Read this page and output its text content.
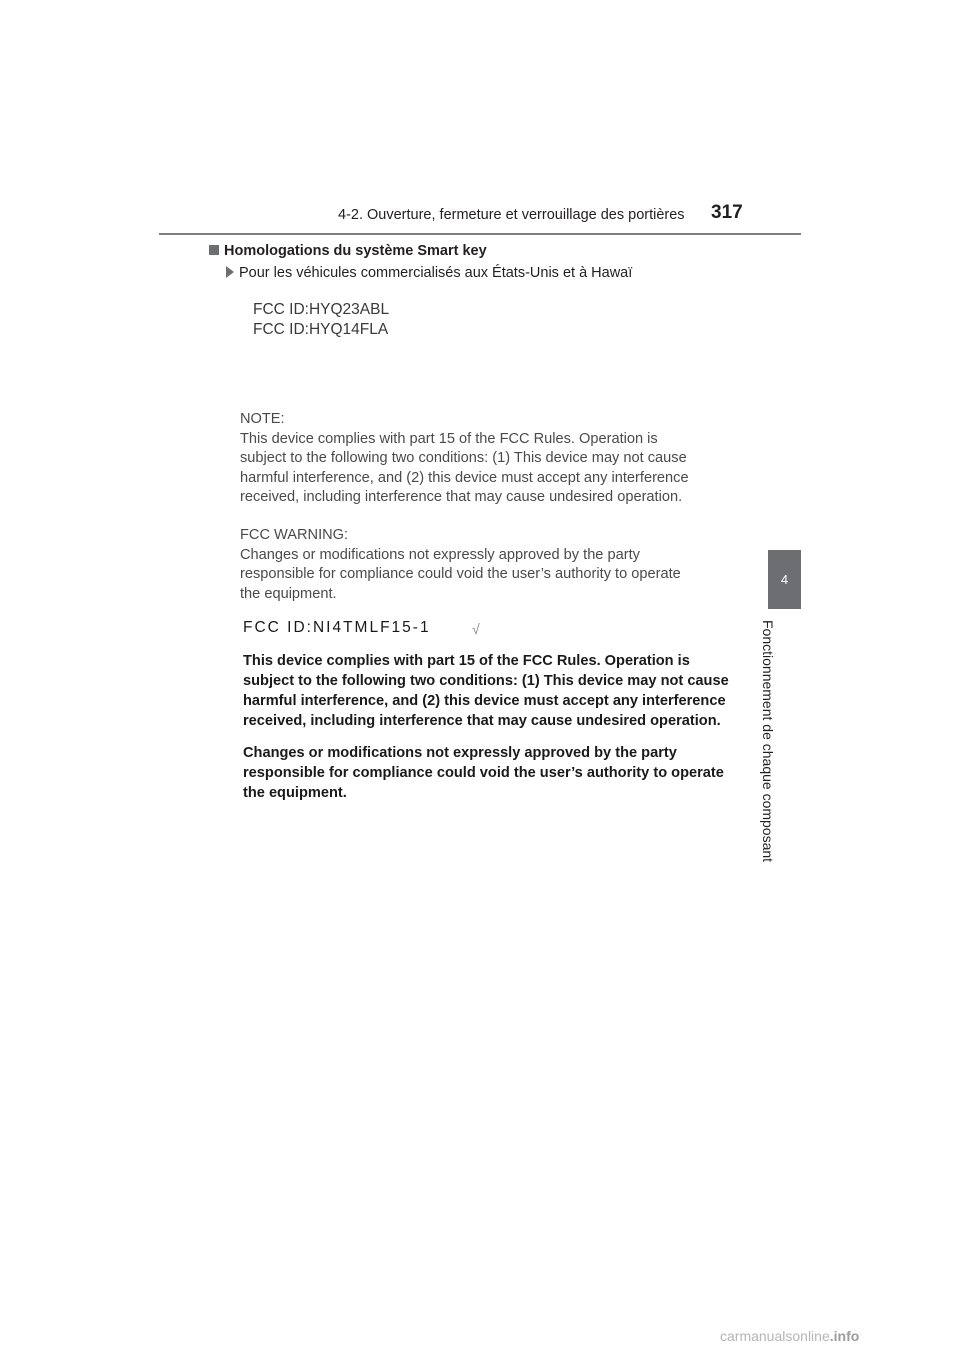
4-2. Ouverture, fermeture et verrouillage des portières 317
4
Fonctionnement de chaque composant
Homologations du système Smart key
Pour les véhicules commercialisés aux États-Unis et à Hawaï
FCC ID:HYQ23ABL
FCC ID:HYQ14FLA
NOTE:
This device complies with part 15 of the FCC Rules. Operation is
subject to the following two conditions: (1) This device may not cause
harmful interference, and (2) this device must accept any interference
received, including interference that may cause undesired operation.
FCC WARNING:
Changes or modifications not expressly approved by the party
responsible for compliance could void the user’s authority to operate
the equipment.
FCC ID:NI4TMLF15-1	√
This device complies with part 15 of the FCC Rules. Operation is
subject to the following two conditions: (1) This device may not cause
harmful interference, and (2) this device must accept any interference
received, including interference that may cause undesired operation.
Changes or modifications not expressly approved by the party
responsible for compliance could void the user’s authority to operate
the equipment.
carmanualsonline.info
